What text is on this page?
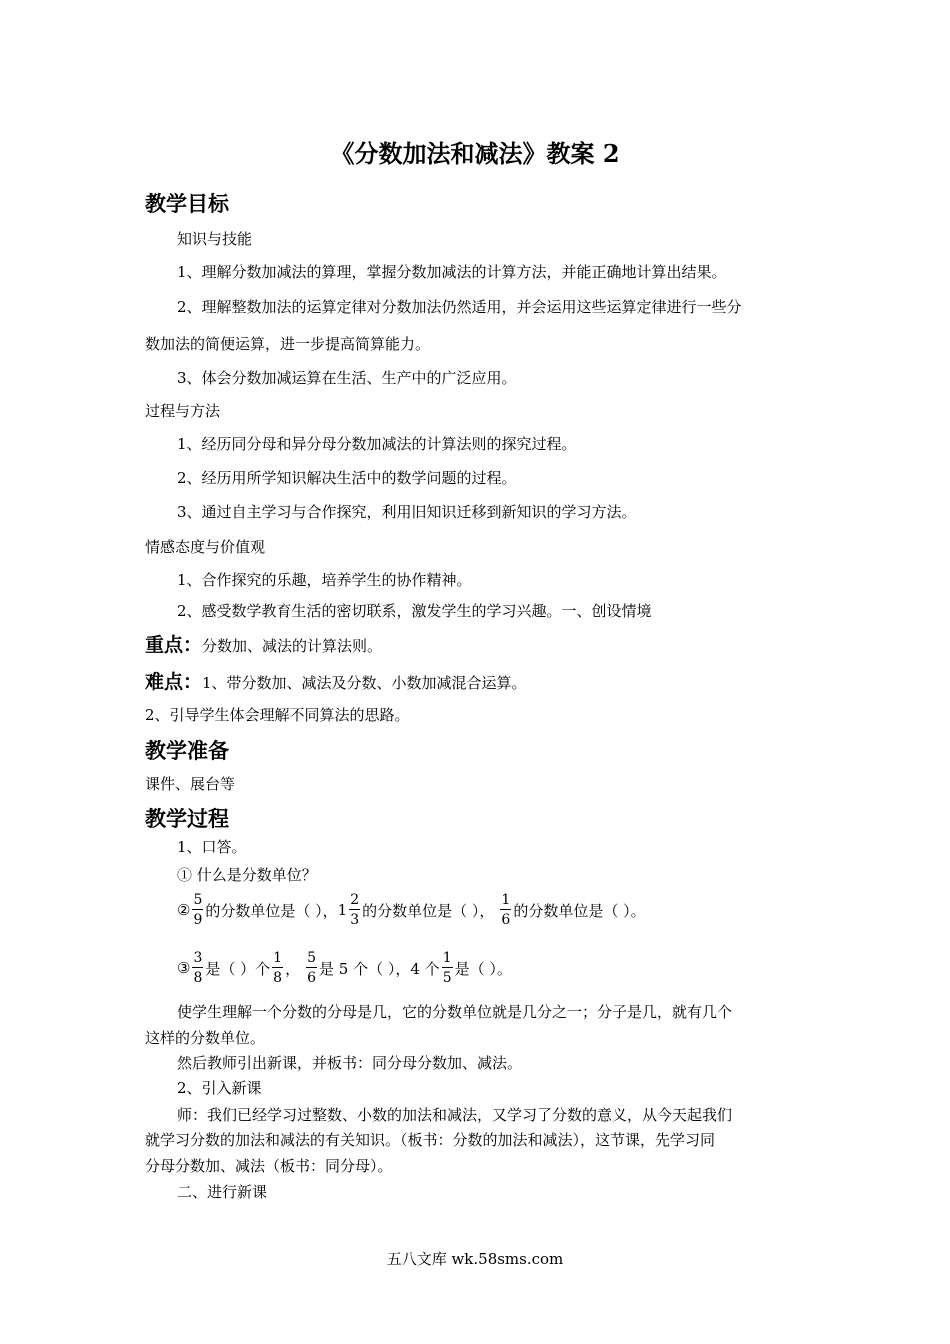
《分数加法和减法》教案 2
教学目标
知识与技能
1、理解分数加减法的算理，掌握分数加减法的计算方法，并能正确地计算出结果。
2、理解整数加法的运算定律对分数加法仍然适用，并会运用这些运算定律进行一些分
数加法的简便运算，进一步提高简算能力。
3、体会分数加减运算在生活、生产中的广泛应用。
过程与方法
1、经历同分母和异分母分数加减法的计算法则的探究过程。
2、经历用所学知识解决生活中的数学问题的过程。
3、通过自主学习与合作探究，利用旧知识迁移到新知识的学习方法。
情感态度与价值观
1、合作探究的乐趣，培养学生的协作精神。
2、感受数学教育生活的密切联系，激发学生的学习兴趣。一、创设情境
重点：分数加、减法的计算法则。
难点：1、带分数加、减法及分数、小数加减混合运算。
2、引导学生体会理解不同算法的思路。
教学准备
课件、展台等
教学过程
1、口答。
① 什么是分数单位？
② $\frac{5}{9}$ 的分数单位是（ ）， $1 \frac{2}{3}$ 的分数单位是（ ）， $\frac{1}{6}$ 的分数单位是（ ）。
③ $\frac{3}{8}$ 是（ ）个 $\frac{1}{8}$ ， $\frac{5}{6}$ 是 5 个（ ），4 个 $\frac{1}{5}$ 是（ ）。
使学生理解一个分数的分母是几，它的分数单位就是几分之一；分子是几，就有几个
这样的分数单位。
然后教师引出新课，并板书：同分母分数加、减法。
2、引入新课
师：我们已经学习过整数、小数的加法和减法，又学习了分数的意义，从今天起我们
就学习分数的加法和减法的有关知识。（板书：分数的加法和减法），这节课，先学习同
分母分数加、减法（板书：同分母）。
二、进行新课
五八文库 wk.58sms.com
